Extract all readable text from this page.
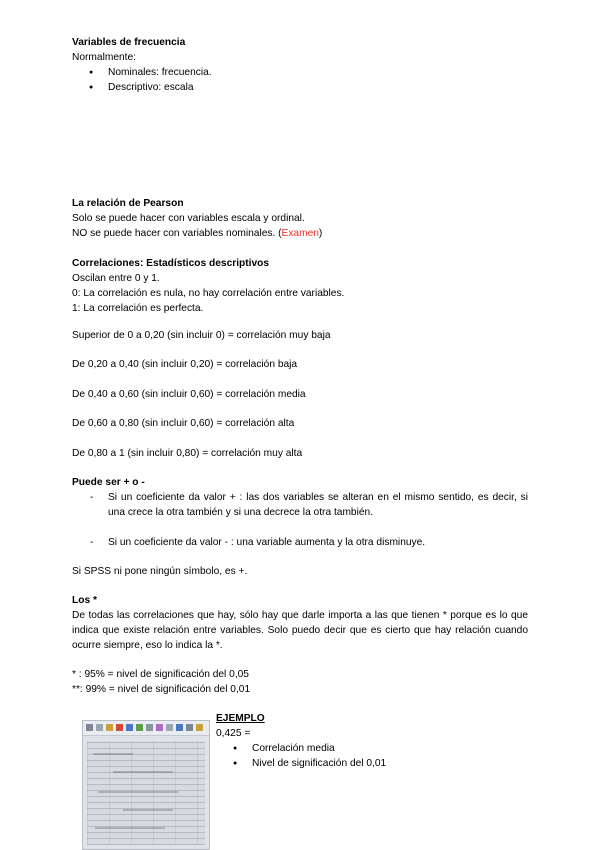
Variables de frecuencia

Normalmente:

● Nominales: frecuencia.
● Descriptivo: escala

La relación de Pearson

Solo se puede hacer con variables escala y ordinal.

NO se puede hacer con variables nominales. (Examen)

Correlaciones: Estadísticos descriptivos

Oscilan entre 0 y 1.

0: La correlación es nula, no hay correlación entre variables.

1: La correlación es perfecta.

Superior de 0 a 0,20 (sin incluir 0) = correlación muy baja

De 0,20 a 0,40 (sin incluir 0,20) = correlación baja

De 0,40 a 0,60 (sin incluir 0,60) = correlación media

De 0,60 a 0,80 (sin incluir 0,60) = correlación alta

De 0,80 a 1 (sin incluir 0,80) = correlación muy alta

Puede ser + o -

- Si un coeficiente da valor + : las dos variables se alteran en el mismo sentido, es decir, si una crece la otra también y si una decrece la otra también.
- Si un coeficiente da valor - : una variable aumenta y la otra disminuye.

Si SPSS ni pone ningún símbolo, es +.

Los *

De todas las correlaciones que hay, sólo hay que darle importa a las que tienen * porque es lo que indica que existe relación entre variables. Solo puedo decir que es cierto que hay relación cuando ocurre siempre, eso lo indica la *.

* : 95% = nivel de significación del 0,05

**: 99% = nivel de significación del 0,01

EJEMPLO

0,425 =

● Correlación media
● Nivel de significación del 0,01
